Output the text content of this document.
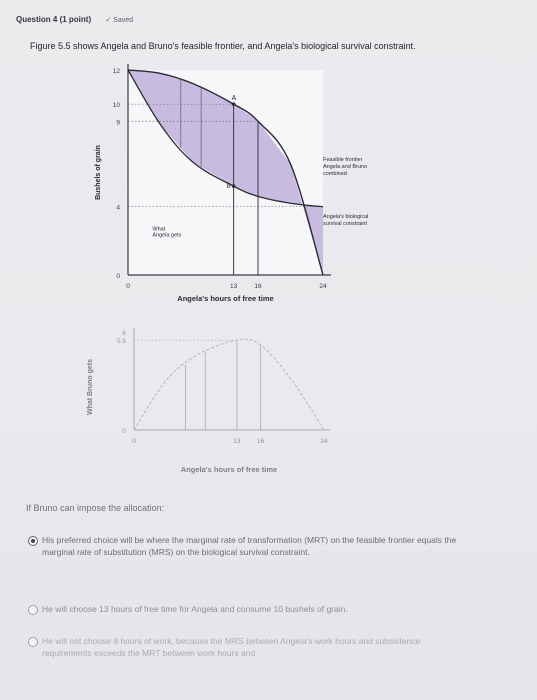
Question 4 (1 point) ✓ Saved
Figure 5.5 shows Angela and Bruno's feasible frontier, and Angela's biological survival constraint.
A
B
What
Angela gets
0
4
9
10
12
0	13	16	24
Bushels of grain
Angela's hours of free time
Feasible frontier
Angela and Bruno
combined
Angela's biological
survival constraint
0
5.5
6
0	13	16	24
What Bruno gets
Angela's hours of free time
If Bruno can impose the allocation:
His preferred choice will be where the marginal rate of transformation (MRT) on the feasible frontier equals the marginal rate of substitution (MRS) on the biological survival constraint.
He will choose 13 hours of free time for Angela and consume 10 bushels of grain.
He will not choose 8 hours of work, because the MRS between Angela's work hours and subsistence requirements exceeds the MRT between work hours and
